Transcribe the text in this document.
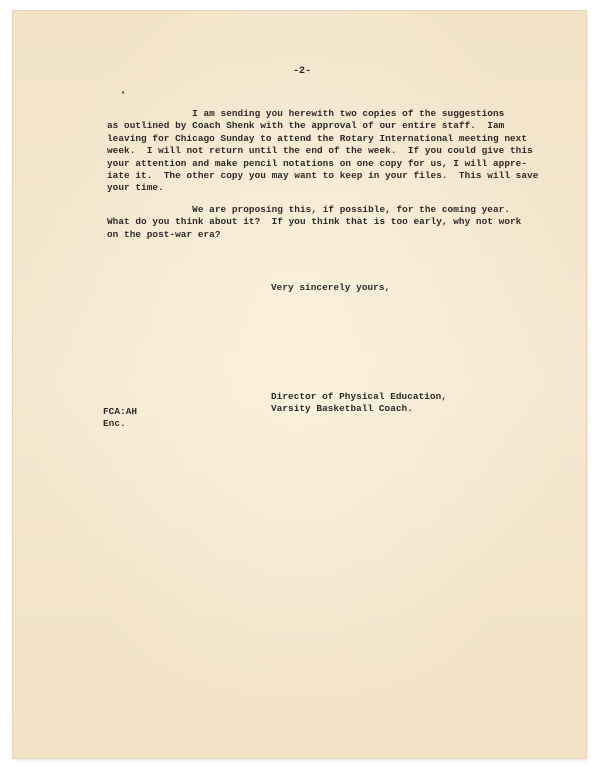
-2-
I am sending you herewith two copies of the suggestions
as outlined by Coach Shenk with the approval of our entire staff.  Iam
leaving for Chicago Sunday to attend the Rotary International meeting next
week.  I will not return until the end of the week.  If you could give this
your attention and make pencil notations on one copy for us, I will appre-
iate it.  The other copy you may want to keep in your files.  This will save
your time.
We are proposing this, if possible, for the coming year.
What do you think about it?  If you think that is too early, why not work
on the post-war era?
Very sincerely yours,
Director of Physical Education,
Varsity Basketball Coach.
FCA:AH
Enc.
